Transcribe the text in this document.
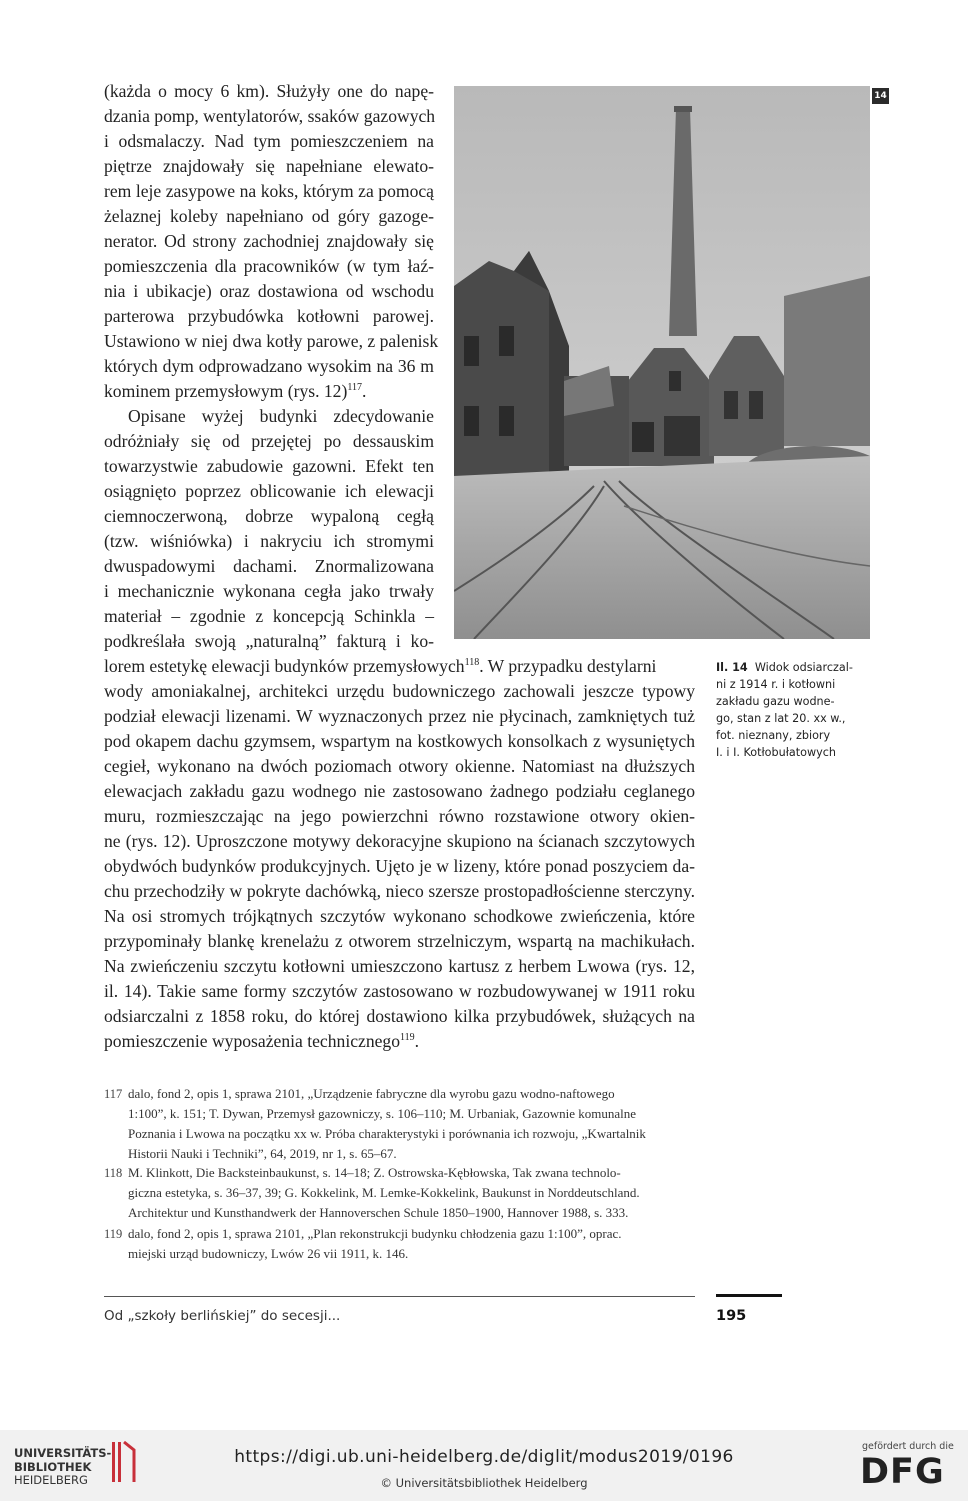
(każda o mocy 6 km). Służyły one do napę-
dzania pomp, wentylatorów, ssaków gazowych
i odsmalaczy. Nad tym pomieszczeniem na
piętrze znajdowały się napełniane elewato-
rem leje zasypowe na koks, którym za pomocą
żelaznej koleby napełniano od góry gazoge-
nerator. Od strony zachodniej znajdowały się
pomieszczenia dla pracowników (w tym łaź-
nia i ubikacje) oraz dostawiona od wschodu
parterowa przybudówka kotłowni parowej.
Ustawiono w niej dwa kotły parowe, z palenisk
których dym odprowadzano wysokim na 36 m
kominem przemysłowym (rys. 12)$^{117}$.
Opisane wyżej budynki zdecydowanie
odróżniały się od przejętej po dessauskim
towarzystwie zabudowie gazowni. Efekt ten
osiągnięto poprzez oblicowanie ich elewacji
ciemnoczerwoną, dobrze wypaloną cegłą
(tzw. wiśniówka) i nakryciu ich stromymi
dwuspadowymi dachami. Znormalizowana
i mechanicznie wykonana cegła jako trwały
materiał – zgodnie z koncepcją Schinkla –
podkreślała swoją „naturalną” fakturą i ko-
14
Il. 14 Widok odsiarczal-
ni z 1914 r. i kotłowni
zakładu gazu wodne-
go, stan z lat 20. xx w.,
fot. nieznany, zbiory
I. i I. Kotłobułatowych
lorem estetykę elewacji budynków przemysłowych$^{118}$. W przypadku destylarni
wody amoniakalnej, architekci urzędu budowniczego zachowali jeszcze typowy
podział elewacji lizenami. W wyznaczonych przez nie płycinach, zamkniętych tuż
pod okapem dachu gzymsem, wspartym na kostkowych konsolkach z wysuniętych
cegieł, wykonano na dwóch poziomach otwory okienne. Natomiast na dłuższych
elewacjach zakładu gazu wodnego nie zastosowano żadnego podziału ceglanego
muru, rozmieszczając na jego powierzchni równo rozstawione otwory okien-
ne (rys. 12). Uproszczone motywy dekoracyjne skupiono na ścianach szczytowych
obydwóch budynków produkcyjnych. Ujęto je w lizeny, które ponad poszyciem da-
chu przechodziły w pokryte dachówką, nieco szersze prostopadłościenne sterczyny.
Na osi stromych trójkątnych szczytów wykonano schodkowe zwieńczenia, które
przypominały blankę krenelażu z otworem strzelniczym, wspartą na machikułach.
Na zwieńczeniu szczytu kotłowni umieszczono kartusz z herbem Lwowa (rys. 12,
il. 14). Takie same formy szczytów zastosowano w rozbudowywanej w 1911 roku
odsiarczalni z 1858 roku, do której dostawiono kilka przybudówek, służących na
pomieszczenie wyposażenia technicznego$^{119}$.
117 dalo, fond 2, opis 1, sprawa 2101, „Urządzenie fabryczne dla wyrobu gazu wodno-naftowego
1:100”, k. 151; T. Dywan, Przemysł gazowniczy, s. 106–110; M. Urbaniak, Gazownie komunalne
Poznania i Lwowa na początku xx w. Próba charakterystyki i porównania ich rozwoju, „Kwartalnik
Historii Nauki i Techniki”, 64, 2019, nr 1, s. 65–67.
118 M. Klinkott, Die Backsteinbaukunst, s. 14–18; Z. Ostrowska-Kębłowska, Tak zwana technolo-
giczna estetyka, s. 36–37, 39; G. Kokkelink, M. Lemke-Kokkelink, Baukunst in Norddeutschland.
Architektur und Kunsthandwerk der Hannoverschen Schule 1850–1900, Hannover 1988, s. 333.
119 dalo, fond 2, opis 1, sprawa 2101, „Plan rekonstrukcji budynku chłodzenia gazu 1:100”, oprac.
miejski urząd budowniczy, Lwów 26 vii 1911, k. 146.
Od „szkoły berlińskiej” do secesji...	195
UNIVERSITÄTS-
BIBLIOTHEK
HEIDELBERG
https://digi.ub.uni-heidelberg.de/diglit/modus2019/0196
© Universitätsbibliothek Heidelberg
gefördert durch die
DFG
